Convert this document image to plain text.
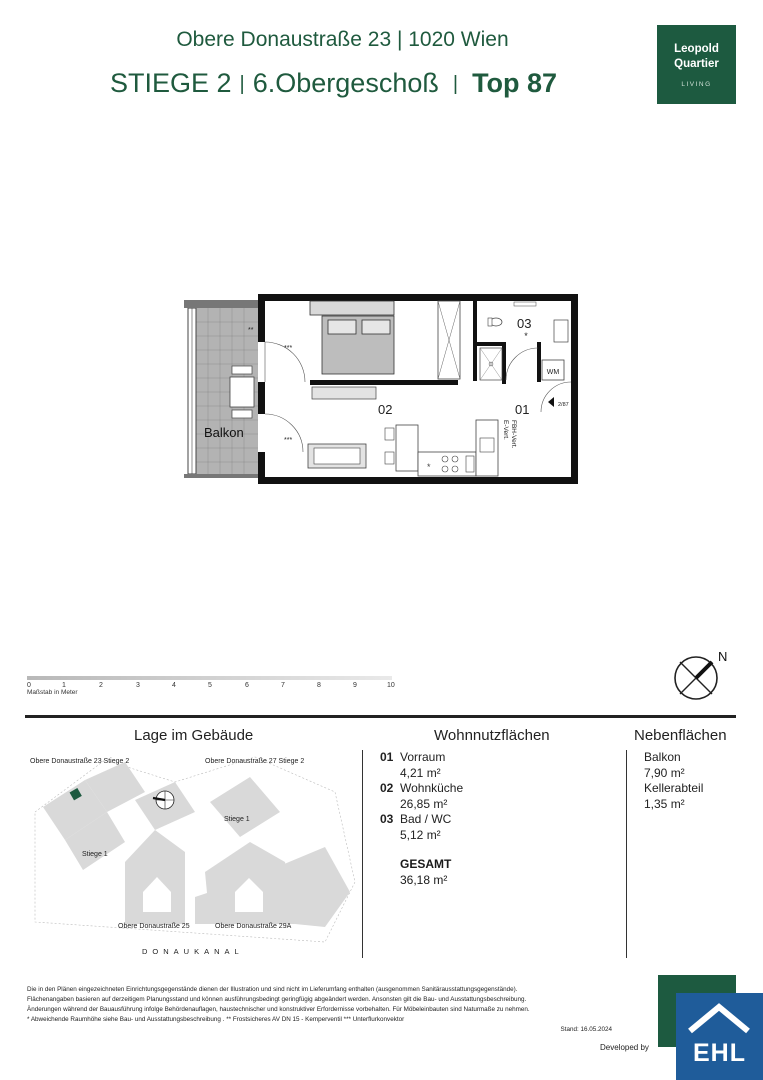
Obere Donaustraße 23 | 1020 Wien
STIEGE 2 | 6.Obergeschoß | Top 87
Leopold
Quartier
LIVING
***
***
**
*
WM
*
2/87
FBH-Vert.
E-Vert.
02	01
03
Balkon
0	1	2	3	4	5	6	7	8	9	10
Maßstab in Meter
N
Lage im Gebäude	Wohnnutzflächen	Nebenflächen
Obere Donaustraße 23 Stiege 2	Obere Donaustraße 27 Stiege 2
Stiege 1
Stiege 1
Obere Donaustraße 25	Obere Donaustraße 29A
DONAUKANAL
01 Vorraum
4,21 m²
02 Wohnküche
26,85 m²
03 Bad / WC
5,12 m²
GESAMT
36,18 m²
Balkon
7,90 m²
Kellerabteil
1,35 m²
Die in den Plänen eingezeichneten Einrichtungsgegenstände dienen der Illustration und sind nicht im Lieferumfang enthalten (ausgenommen Sanitärausstattungsgegenstände).
Flächenangaben basieren auf derzeitigem Planungsstand und können ausführungsbedingt geringfügig abgeändert werden. Ansonsten gilt die Bau- und Ausstattungsbeschreibung.
Änderungen während der Bauausführung infolge Behördenauflagen, haustechnischer und konstruktiver Erfordernisse vorbehalten. Für Möbeleinbauten sind Naturmaße zu nehmen.
* Abweichende Raumhöhe siehe Bau- und Ausstattungsbeschreibung . ** Frostsicheres AV DN 15 - Kemperventil *** Unterflurkonvektor
Stand: 16.05.2024
Developed by	EHL
